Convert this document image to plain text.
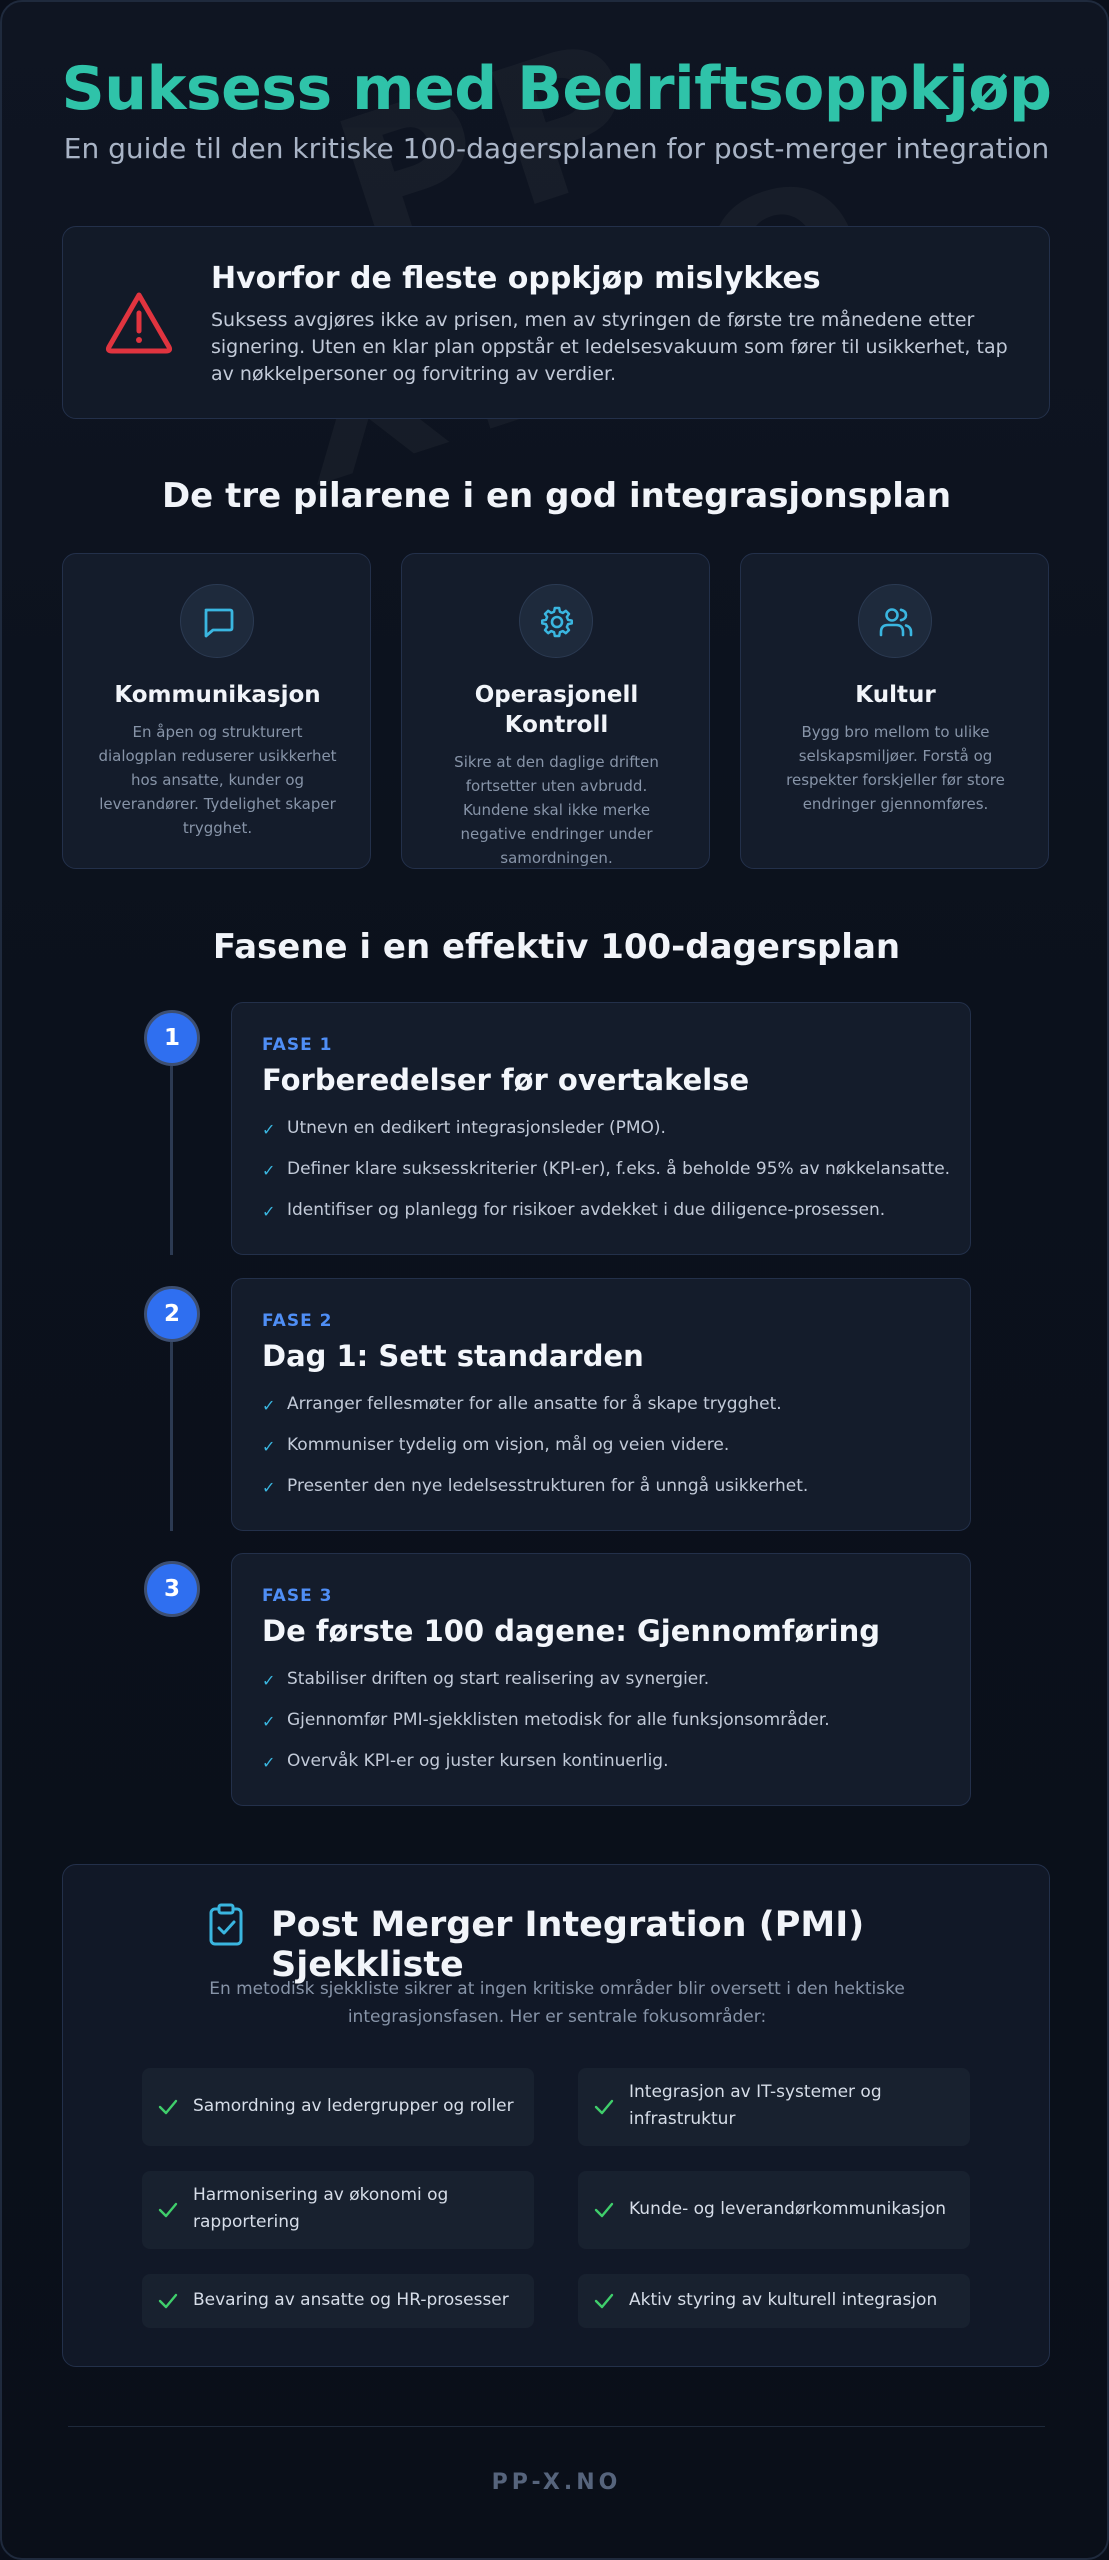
Suksess med Bedriftsoppkjøp
En guide til den kritiske 100-dagersplanen for post-merger integration
Hvorfor de fleste oppkjøp mislykkes
Suksess avgjøres ikke av prisen, men av styringen de første tre månedene etter signering. Uten en klar plan oppstår et ledelsesvakuum som fører til usikkerhet, tap av nøkkelpersoner og forvitring av verdier.
De tre pilarene i en god integrasjonsplan
Kommunikasjon
En åpen og strukturert dialogplan reduserer usikkerhet hos ansatte, kunder og leverandører. Tydelighet skaper trygghet.
Operasjonell Kontroll
Sikre at den daglige driften fortsetter uten avbrudd. Kundene skal ikke merke negative endringer under samordningen.
Kultur
Bygg bro mellom to ulike selskapsmiljøer. Forstå og respekter forskjeller før store endringer gjennomføres.
Fasene i en effektiv 100-dagersplan
1	FASE 1
Forberedelser før overtakelse
✓ Utnevn en dedikert integrasjonsleder (PMO).
✓ Definer klare suksesskriterier (KPI-er), f.eks. å beholde 95% av nøkkelansatte.
✓ Identifiser og planlegg for risikoer avdekket i due diligence-prosessen.
2	FASE 2
Dag 1: Sett standarden
✓ Arranger fellesmøter for alle ansatte for å skape trygghet.
✓ Kommuniser tydelig om visjon, mål og veien videre.
✓ Presenter den nye ledelsesstrukturen for å unngå usikkerhet.
3	FASE 3
De første 100 dagene: Gjennomføring
✓ Stabiliser driften og start realisering av synergier.
✓ Gjennomfør PMI-sjekklisten metodisk for alle funksjonsområder.
✓ Overvåk KPI-er og juster kursen kontinuerlig.
Post Merger Integration (PMI) Sjekkliste
En metodisk sjekkliste sikrer at ingen kritiske områder blir oversett i den hektiske integrasjonsfasen. Her er sentrale fokusområder:
Samordning av ledergrupper og roller
Integrasjon av IT-systemer og infrastruktur
Harmonisering av økonomi og rapportering
Kunde- og leverandørkommunikasjon
Bevaring av ansatte og HR-prosesser	Aktiv styring av kulturell integrasjon
PP-X.NO
